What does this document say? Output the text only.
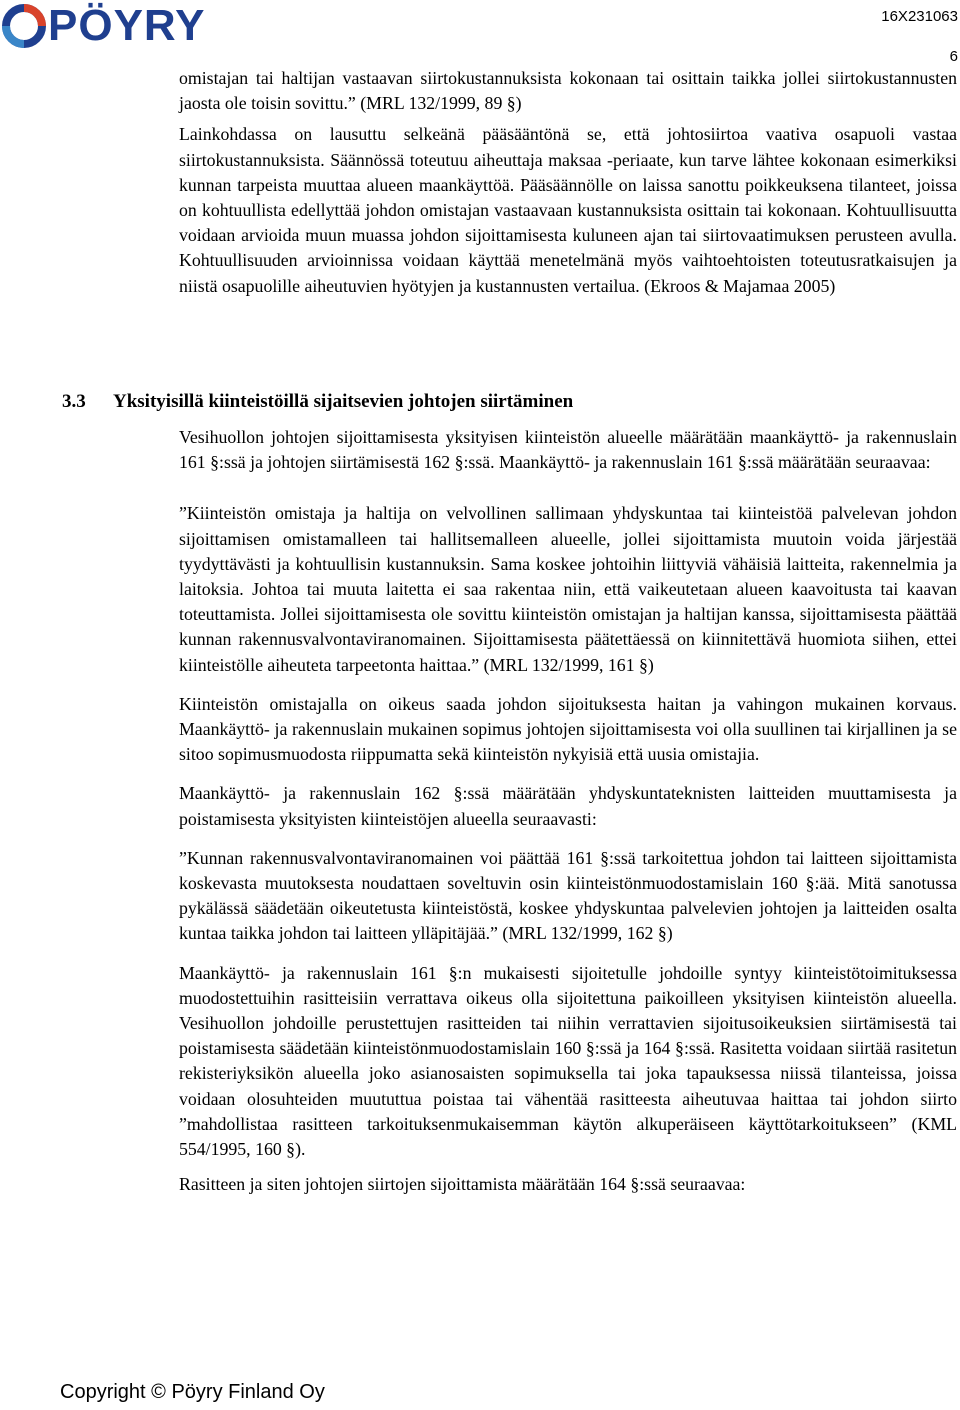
PÖYRY	16X231063
6

omistajan tai haltijan vastaavan siirtokustannuksista kokonaan tai osittain taikka jollei siirtokustannusten jaosta ole toisin sovittu.” (MRL 132/1999, 89 §)

Lainkohdassa on lausuttu selkeänä pääsääntönä se, että johtosiirtoa vaativa osapuoli vastaa siirtokustannuksista. Säännössä toteutuu aiheuttaja maksaa -periaate, kun tarve lähtee kokonaan esimerkiksi kunnan tarpeista muuttaa alueen maankäyttöä. Pääsäännölle on laissa sanottu poikkeuksena tilanteet, joissa on kohtuullista edellyttää johdon omistajan vastaavaan kustannuksista osittain tai kokonaan. Kohtuullisuutta voidaan arvioida muun muassa johdon sijoittamisesta kuluneen ajan tai siirtovaatimuksen perusteen avulla. Kohtuullisuuden arvioinnissa voidaan käyttää menetelmänä myös vaihtoehtoisten toteutusratkaisujen ja niistä osapuolille aiheutuvien hyötyjen ja kustannusten vertailua. (Ekroos & Majamaa 2005)

3.3 Yksityisillä kiinteistöillä sijaitsevien johtojen siirtäminen

Vesihuollon johtojen sijoittamisesta yksityisen kiinteistön alueelle määrätään maankäyttö- ja rakennuslain 161 §:ssä ja johtojen siirtämisestä 162 §:ssä. Maankäyttö- ja rakennuslain 161 §:ssä määrätään seuraavaa:

”Kiinteistön omistaja ja haltija on velvollinen sallimaan yhdyskuntaa tai kiinteistöä palvelevan johdon sijoittamisen omistamalleen tai hallitsemalleen alueelle, jollei sijoittamista muutoin voida järjestää tyydyttävästi ja kohtuullisin kustannuksin. Sama koskee johtoihin liittyviä vähäisiä laitteita, rakennelmia ja laitoksia. Johtoa tai muuta laitetta ei saa rakentaa niin, että vaikeutetaan alueen kaavoitusta tai kaavan toteuttamista. Jollei sijoittamisesta ole sovittu kiinteistön omistajan ja haltijan kanssa, sijoittamisesta päättää kunnan rakennusvalvontaviranomainen. Sijoittamisesta päätettäessä on kiinnitettävä huomiota siihen, ettei kiinteistölle aiheuteta tarpeetonta haittaa.” (MRL 132/1999, 161 §)

Kiinteistön omistajalla on oikeus saada johdon sijoituksesta haitan ja vahingon mukainen korvaus. Maankäyttö- ja rakennuslain mukainen sopimus johtojen sijoittamisesta voi olla suullinen tai kirjallinen ja se sitoo sopimusmuodosta riippumatta sekä kiinteistön nykyisiä että uusia omistajia.

Maankäyttö- ja rakennuslain 162 §:ssä määrätään yhdyskuntateknisten laitteiden muuttamisesta ja poistamisesta yksityisten kiinteistöjen alueella seuraavasti:

”Kunnan rakennusvalvontaviranomainen voi päättää 161 §:ssä tarkoitettua johdon tai laitteen sijoittamista koskevasta muutoksesta noudattaen soveltuvin osin kiinteistönmuodostamislain 160 §:ää. Mitä sanotussa pykälässä säädetään oikeutetusta kiinteistöstä, koskee yhdyskuntaa palvelevien johtojen ja laitteiden osalta kuntaa taikka johdon tai laitteen ylläpitäjää.” (MRL 132/1999, 162 §)

Maankäyttö- ja rakennuslain 161 §:n mukaisesti sijoitetulle johdoille syntyy kiinteistötoimituksessa muodostettuihin rasitteisiin verrattava oikeus olla sijoitettuna paikoilleen yksityisen kiinteistön alueella. Vesihuollon johdoille perustettujen rasitteiden tai niihin verrattavien sijoitusoikeuksien siirtämisestä tai poistamisesta säädetään kiinteistönmuodostamislain 160 §:ssä ja 164 §:ssä. Rasitetta voidaan siirtää rasitetun rekisteriyksikön alueella joko asianosaisten sopimuksella tai joka tapauksessa niissä tilanteissa, joissa voidaan olosuhteiden muututtua poistaa tai vähentää rasitteesta aiheutuvaa haittaa tai johdon siirto ”mahdollistaa rasitteen tarkoituksenmukaisemman käytön alkuperäiseen käyttötarkoitukseen” (KML 554/1995, 160 §).

Rasitteen ja siten johtojen siirtojen sijoittamista määrätään 164 §:ssä seuraavaa:

Copyright © Pöyry Finland Oy
